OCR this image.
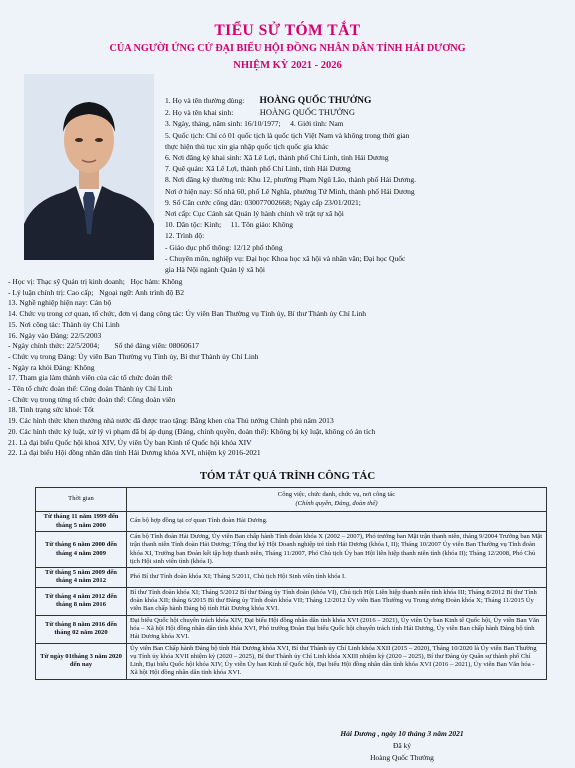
TIỂU SỬ TÓM TẮT
CỦA NGƯỜI ỨNG CỬ ĐẠI BIỂU HỘI ĐỒNG NHÂN DÂN TỈNH HẢI DƯƠNG
NHIỆM KỲ 2021 - 2026
1. Họ và tên thường dùng: HOÀNG QUỐC THƯỞNG
2. Họ và tên khai sinh:	HOÀNG QUỐC THƯỞNG
3. Ngày, tháng, năm sinh: 16/10/1977; 4. Giới tính: Nam
5. Quốc tịch: Chỉ có 01 quốc tịch là quốc tịch Việt Nam và không trong thời gian
thực hiện thủ tục xin gia nhập quốc tịch quốc gia khác
6. Nơi đăng ký khai sinh: Xã Lê Lợi, thành phố Chí Linh, tỉnh Hải Dương
7. Quê quán: Xã Lê Lợi, thành phố Chí Linh, tỉnh Hải Dương
8. Nơi đăng ký thường trú: Khu 12, phường Phạm Ngũ Lão, thành phố Hải Dương.
Nơi ở hiện nay: Số nhà 60, phố Lê Nghĩa, phường Tứ Minh, thành phố Hải Dương
9. Số Căn cước công dân: 030077002668; Ngày cấp 23/01/2021;
Nơi cấp: Cục Cảnh sát Quản lý hành chính về trật tự xã hội
10. Dân tộc: Kinh;     11. Tôn giáo: Không
12. Trình độ:
- Giáo dục phổ thông: 12/12 phổ thông
- Chuyên môn, nghiệp vụ: Đại học Khoa học xã hội và nhân văn; Đại học Quốc
gia Hà Nội ngành Quản lý xã hội
- Học vị: Thạc sỹ Quản trị kinh doanh;   Học hàm: Không
- Lý luận chính trị: Cao cấp;   Ngoại ngữ: Anh trình độ B2
13. Nghề nghiệp hiện nay: Cán bộ
14. Chức vụ trong cơ quan, tổ chức, đơn vị đang công tác: Ủy viên Ban Thường vụ Tỉnh ủy, Bí thư Thành ủy Chí Linh
15. Nơi công tác: Thành ủy Chí Linh
16. Ngày vào Đảng: 22/5/2003
- Ngày chính thức: 22/5/2004;        Số thẻ đảng viên: 08060617
- Chức vụ trong Đảng: Ủy viên Ban Thường vụ Tỉnh ủy, Bí thư Thành ủy Chí Linh
- Ngày ra khỏi Đảng: Không
17. Tham gia làm thành viên của các tổ chức đoàn thể:
- Tên tổ chức đoàn thể: Công đoàn Thành ủy Chí Linh
- Chức vụ trong từng tổ chức đoàn thể: Công đoàn viên
18. Tình trạng sức khoẻ: Tốt
19. Các hình thức khen thưởng nhà nước đã được trao tặng: Bằng khen của Thủ tướng Chính phủ năm 2013
20. Các hình thức kỷ luật, xử lý vi phạm đã bị áp dụng (Đảng, chính quyền, đoàn thể): Không bị kỷ luật, không có án tích
21. Là đại biểu Quốc hội khoá XIV, Ủy viên Ủy ban Kinh tế Quốc hội khóa XIV
22. Là đại biểu Hội đồng nhân dân tỉnh Hải Dương khóa XVI, nhiệm kỳ 2016-2021
TÓM TẮT QUÁ TRÌNH CÔNG TÁC
Thời gian	Công việc, chức danh, chức vụ, nơi công tác
(Chính quyền, Đảng, đoàn thể)

Từ tháng 11 năm 1999 đến tháng 5 năm 2000	Cán bộ hợp đồng tại cơ quan Tỉnh đoàn Hải Dương.
Từ tháng 6 năm 2000 đến tháng 4 năm 2009	Cán bộ Tỉnh đoàn Hải Dương, Ủy viên Ban chấp hành Tỉnh đoàn khóa X (2002 – 2007), Phó trưởng ban Mặt trận thanh niên, tháng 9/2004 Trưởng ban Mặt trận thanh niên Tỉnh đoàn Hải Dương; Tổng thư ký Hội Doanh nghiệp trẻ tỉnh Hải Dương (khóa I, II); Tháng 10/2007 Ủy viên Ban Thường vụ Tỉnh đoàn khóa XI, Trưởng ban Đoàn kết tập hợp thanh niên, Tháng 11/2007, Phó Chủ tịch Ủy ban Hội liên hiệp thanh niên tỉnh (khóa II); Tháng 12/2008, Phó Chủ tịch Hội sinh viên tỉnh (khóa I).
Từ tháng 5 năm 2009 đến tháng 4 năm 2012	Phó Bí thư Tỉnh đoàn khóa XI; Tháng 5/2011, Chủ tịch Hội Sinh viên tỉnh khóa I.
Từ tháng 4 năm 2012 đến tháng 8 năm 2016	Bí thư Tỉnh đoàn khóa XI; Tháng 5/2012 Bí thư Đảng ủy Tỉnh đoàn (khóa VI), Chủ tịch Hội Liên hiệp thanh niên tỉnh khóa III; Tháng 8/2012 Bí thư Tỉnh đoàn khóa XII; tháng 6/2015 Bí thư Đảng ủy Tỉnh đoàn khóa VII; Tháng 12/2012 Ủy viên Ban Thường vụ Trung ương Đoàn khóa X; Tháng 11/2015 Ủy viên Ban chấp hành Đảng bộ tỉnh Hải Dương khóa XVI.
Từ tháng 8 năm 2016 đến tháng 02 năm 2020	Đại biểu Quốc hội chuyên trách khóa XIV, Đại biểu Hội đồng nhân dân tỉnh khóa XVI (2016 – 2021), Ủy viên Ủy ban Kinh tế Quốc hội, Ủy viên Ban Văn hóa – Xã hội Hội đồng nhân dân tỉnh khóa XVI, Phó trưởng Đoàn Đại biểu Quốc hội chuyên trách tỉnh Hải Dương, Ủy viên Ban chấp hành Đảng bộ tỉnh Hải Dương khóa XVI.
Từ ngày 01tháng 3 năm 2020 đến nay	Ủy viên Ban Chấp hành Đảng bộ tỉnh Hải Dương khóa XVI, Bí thư Thành ủy Chí Linh khóa XXII (2015 – 2020), Tháng 10/2020 là Ủy viên Ban Thường vụ Tỉnh ủy khóa XVII nhiệm kỳ (2020 – 2025), Bí thư Thành ủy Chí Linh khóa XXIII nhiệm kỳ (2020 – 2025), Bí thư Đảng ủy Quân sự thành phố Chí Linh, Đại biểu Quốc hội khóa XIV, Ủy viên Ủy ban Kinh tế Quốc hội, Đại biểu Hội đồng nhân dân tỉnh khóa XVI (2016 – 2021), Ủy viên Ban Văn hóa - Xã hội Hội đồng nhân dân tỉnh khóa XVI.
Hải Dương , ngày 10 tháng 3 năm 2021
Đã ký
Hoàng Quốc Thưởng
